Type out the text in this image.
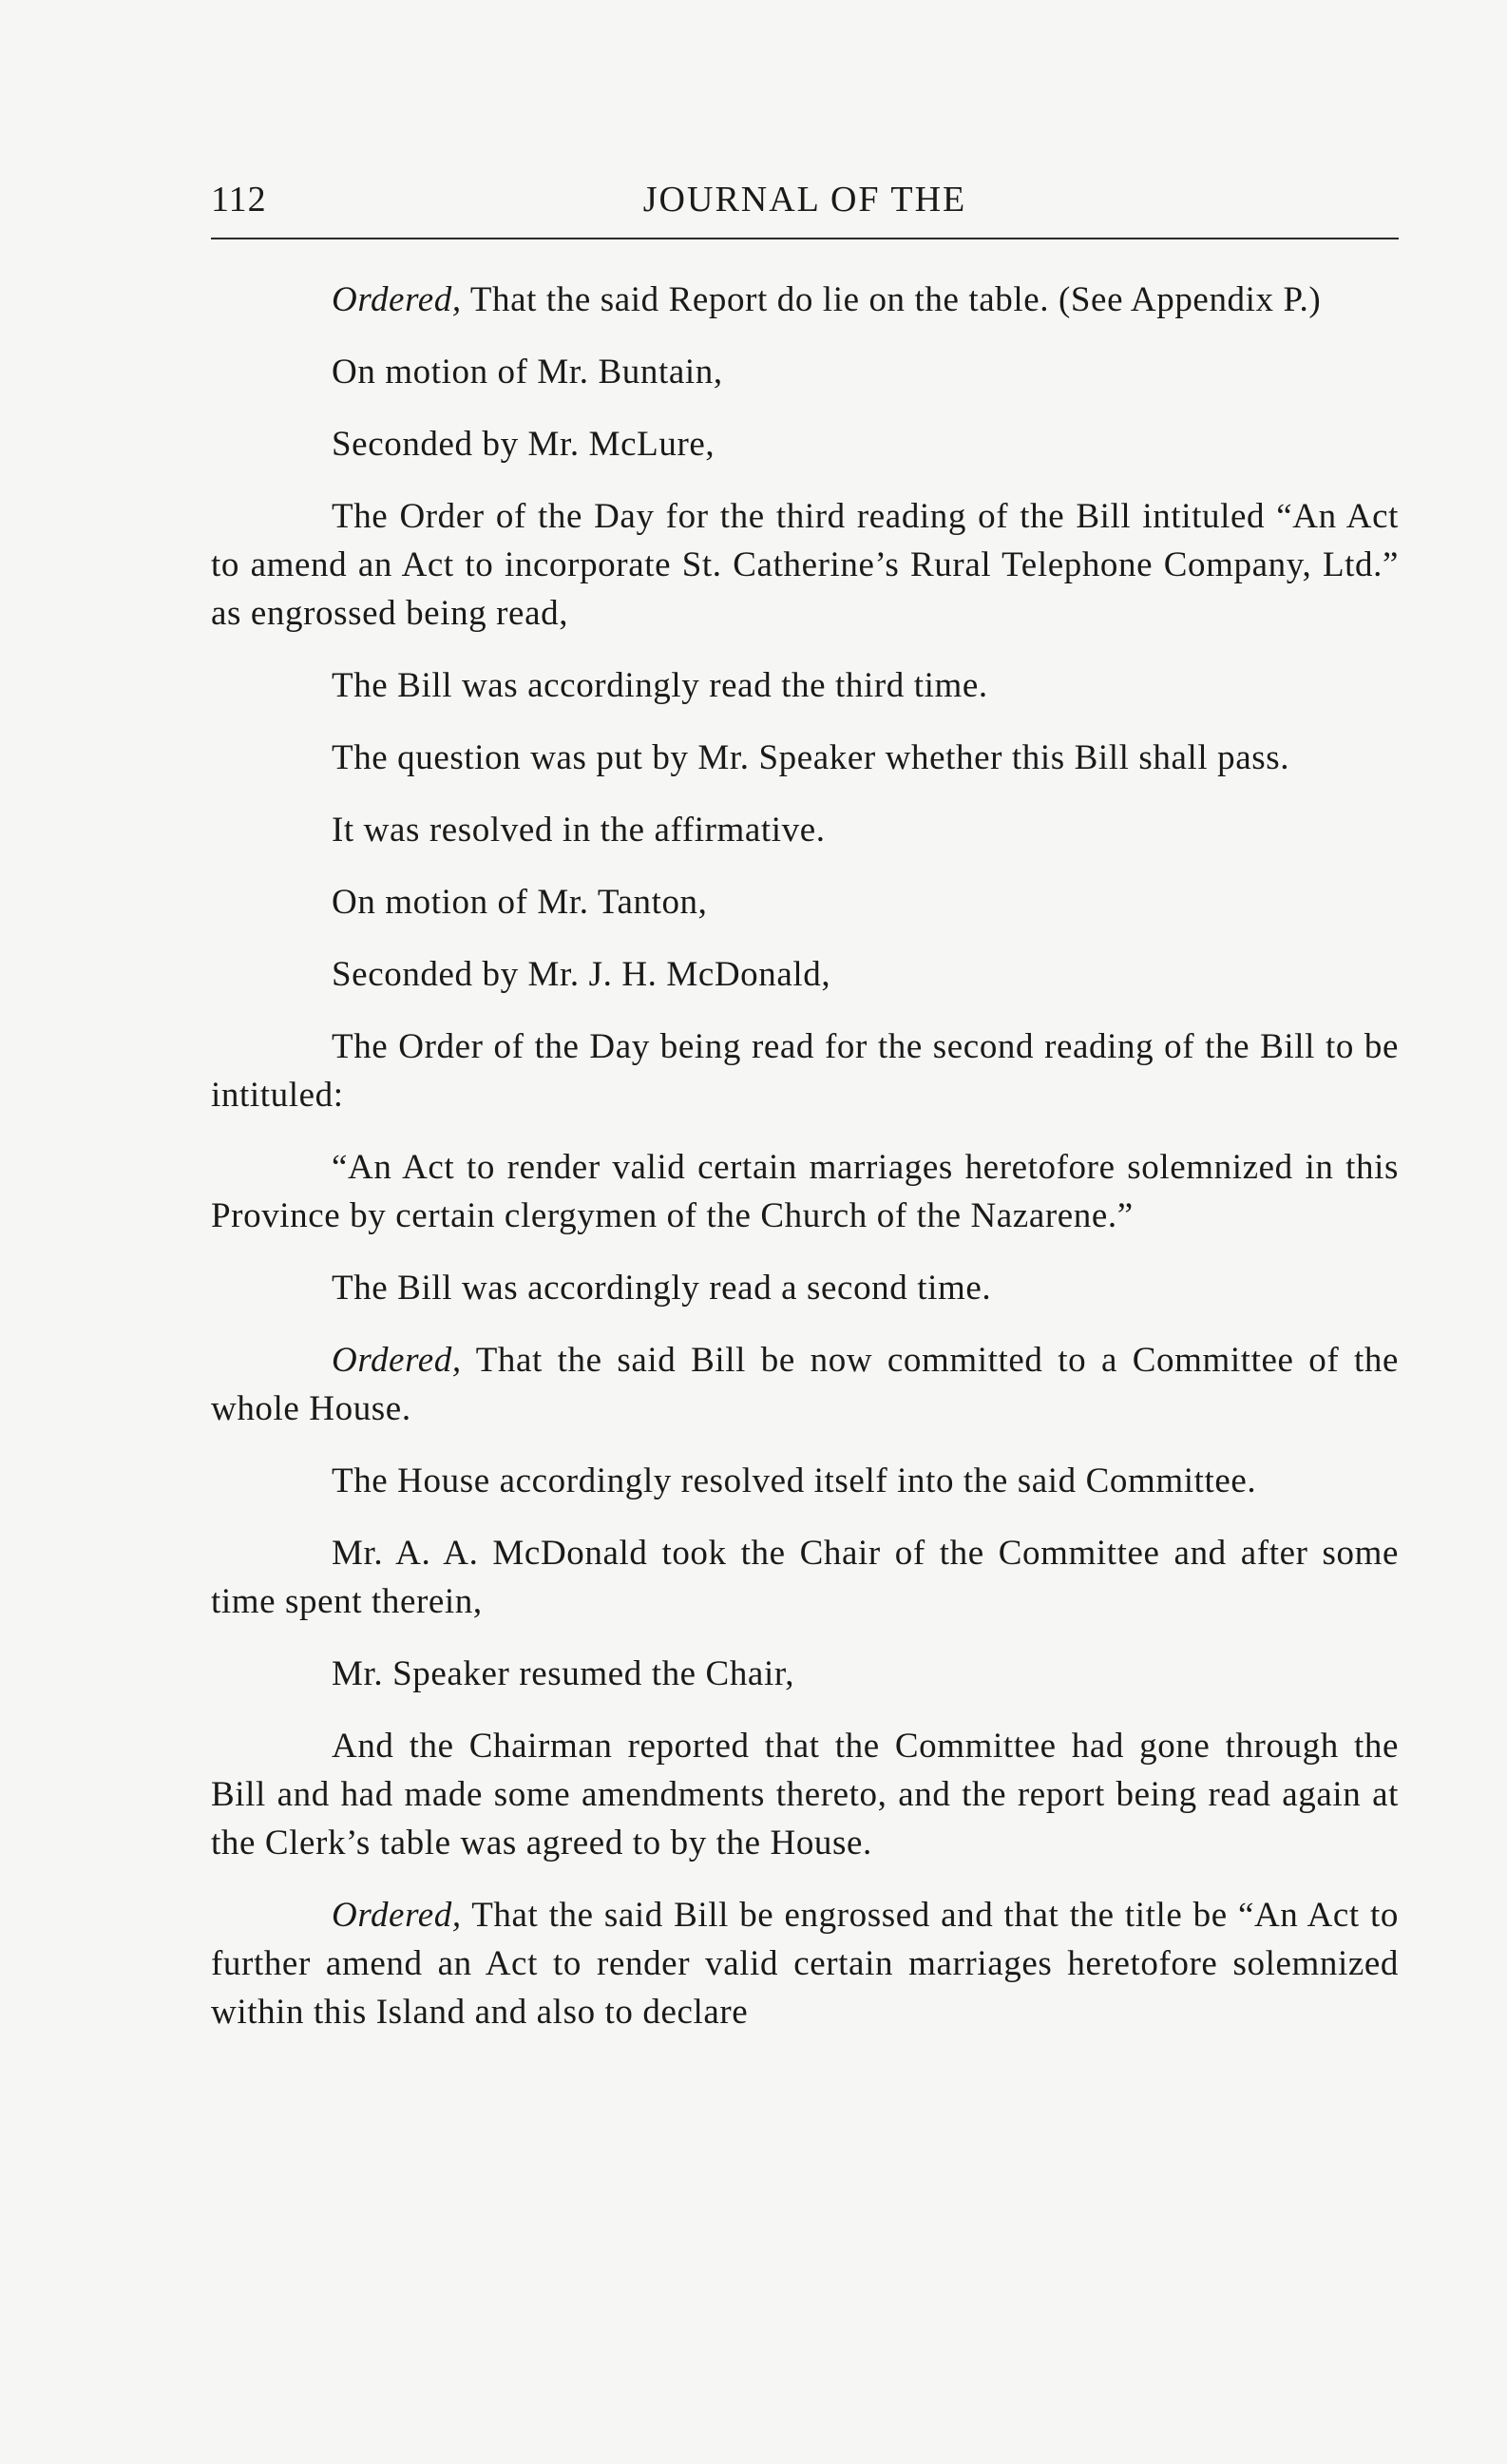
112	JOURNAL OF THE

Ordered, That the said Report do lie on the table. (See Appendix P.)

On motion of Mr. Buntain,

Seconded by Mr. McLure,

The Order of the Day for the third reading of the Bill intituled “An Act to amend an Act to incorporate St. Catherine’s Rural Telephone Company, Ltd.” as engrossed being read,

The Bill was accordingly read the third time.

The question was put by Mr. Speaker whether this Bill shall pass.

It was resolved in the affirmative.

On motion of Mr. Tanton,

Seconded by Mr. J. H. McDonald,

The Order of the Day being read for the second reading of the Bill to be intituled:

“An Act to render valid certain marriages heretofore solemnized in this Province by certain clergymen of the Church of the Nazarene.”

The Bill was accordingly read a second time.

Ordered, That the said Bill be now committed to a Committee of the whole House.

The House accordingly resolved itself into the said Committee.

Mr. A. A. McDonald took the Chair of the Committee and after some time spent therein,

Mr. Speaker resumed the Chair,

And the Chairman reported that the Committee had gone through the Bill and had made some amendments thereto, and the report being read again at the Clerk’s table was agreed to by the House.

Ordered, That the said Bill be engrossed and that the title be “An Act to further amend an Act to render valid certain marriages heretofore solemnized within this Island and also to declare
